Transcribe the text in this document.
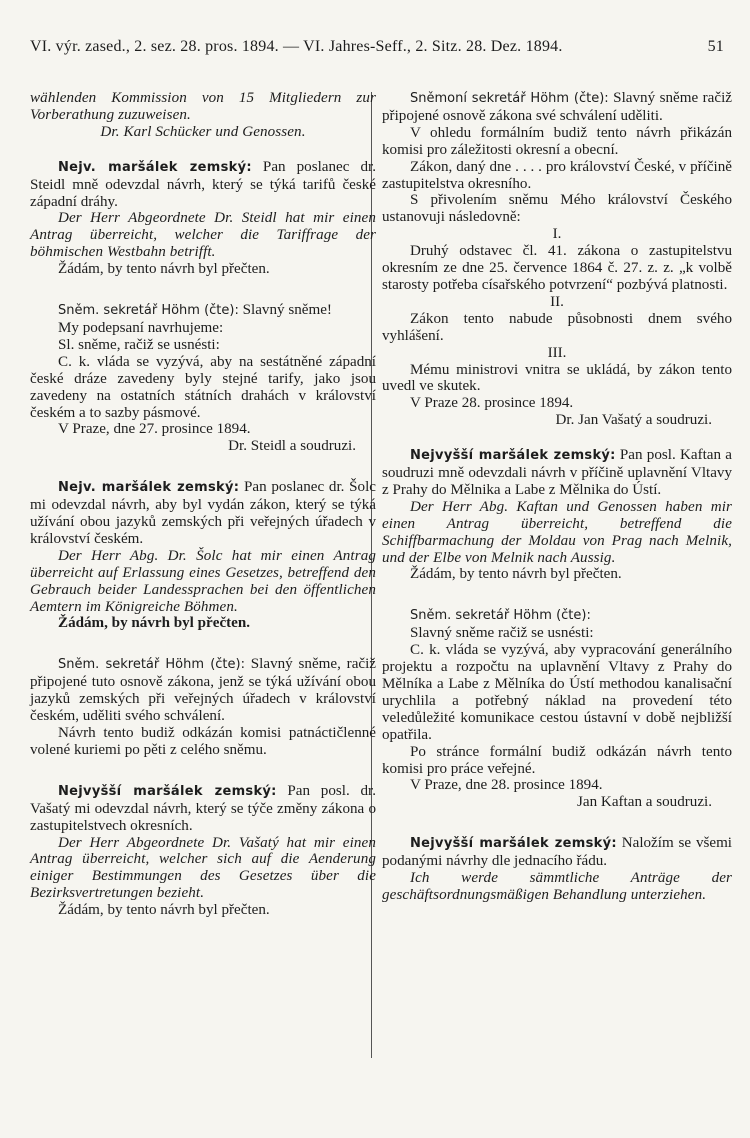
VI. výr. zased., 2. sez. 28. pros. 1894. — VI. Jahres-Seff., 2. Sitz. 28. Dez. 1894.	51

wählenden Kommission von 15 Mitgliedern zur Vorberathung zuzuweisen.

Dr. Karl Schücker und Genossen.

Nejv. maršálek zemský: Pan poslanec dr. Steidl mně odevzdal návrh, který se týká tarifů české západní dráhy.

Der Herr Abgeordnete Dr. Steidl hat mir einen Antrag überreicht, welcher die Tariffrage der böhmischen Westbahn betrifft.

Žádám, by tento návrh byl přečten.

Sněm. sekretář Höhm (čte): Slavný sněme!

My podepsaní navrhujeme:

Sl. sněme, račiž se usnésti:

C. k. vláda se vyzývá, aby na sestátněné západní české dráze zavedeny byly stejné tarify, jako jsou zavedeny na ostatních státních drahách v království českém a to sazby pásmové.

V Praze, dne 27. prosince 1894.

Dr. Steidl a soudruzi.

Nejv. maršálek zemský: Pan poslanec dr. Šolc mi odevzdal návrh, aby byl vydán zákon, který se týká užívání obou jazyků zemských při veřejných úřadech v království českém.

Der Herr Abg. Dr. Šolc hat mir einen Antrag überreicht auf Erlassung eines Gesetzes, betreffend den Gebrauch beider Landessprachen bei den öffentlichen Aemtern im Königreiche Böhmen.

Žádám, by návrh byl přečten.

Sněm. sekretář Höhm (čte): Slavný sněme, račiž připojené tuto osnově zákona, jenž se týká užívání obou jazyků zemských při veřejných úřadech v království českém, uděliti svého schválení.

Návrh tento budiž odkázán komisi patnáctičlenné volené kuriemi po pěti z celého sněmu.

Nejvyšší maršálek zemský: Pan posl. dr. Vašatý mi odevzdal návrh, který se týče změny zákona o zastupitelstvech okresních.

Der Herr Abgeordnete Dr. Vašatý hat mir einen Antrag überreicht, welcher sich auf die Aenderung einiger Bestimmungen des Gesetzes über die Bezirksvertretungen bezieht.

Žádám, by tento návrh byl přečten.

Sněmoní sekretář Höhm (čte): Slavný sněme račiž připojené osnově zákona své schválení uděliti.

V ohledu formálním budiž tento návrh přikázán komisi pro záležitosti okresní a obecní.

Zákon, daný dne . . . . pro království České, v příčině zastupitelstva okresního.

S přivolením sněmu Mého království Českého ustanovuji následovně:

I.

Druhý odstavec čl. 41. zákona o zastupitelstvu okresním ze dne 25. července 1864 č. 27. z. z. „k volbě starosty potřeba císařského potvrzení“ pozbývá platnosti.

II.

Zákon tento nabude působnosti dnem svého vyhlášení.

III.

Mému ministrovi vnitra se ukládá, by zákon tento uvedl ve skutek.

V Praze 28. prosince 1894.

Dr. Jan Vašatý a soudruzi.

Nejvyšší maršálek zemský: Pan posl. Kaftan a soudruzi mně odevzdali návrh v příčině uplavnění Vltavy z Prahy do Mělnika a Labe z Mělnika do Ústí.

Der Herr Abg. Kaftan und Genossen haben mir einen Antrag überreicht, betreffend die Schiffbarmachung der Moldau von Prag nach Melnik, und der Elbe von Melnik nach Aussig.

Žádám, by tento návrh byl přečten.

Sněm. sekretář Höhm (čte):

Slavný sněme račiž se usnésti:

C. k. vláda se vyzývá, aby vypracování generálního projektu a rozpočtu na uplavnění Vltavy z Prahy do Mělníka a Labe z Mělníka do Ústí methodou kanalisační urychlila a potřebný náklad na provedení této veledůležité komunikace cestou ústavní v době nejbližší opatřila.

Po stránce formální budiž odkázán návrh tento komisi pro práce veřejné.

V Praze, dne 28. prosince 1894.

Jan Kaftan a soudruzi.

Nejvyšší maršálek zemský: Naložím se všemi podanými návrhy dle jednacího řádu.

Ich werde sämmtliche Anträge der geschäftsordnungsmäßigen Behandlung unterziehen.
